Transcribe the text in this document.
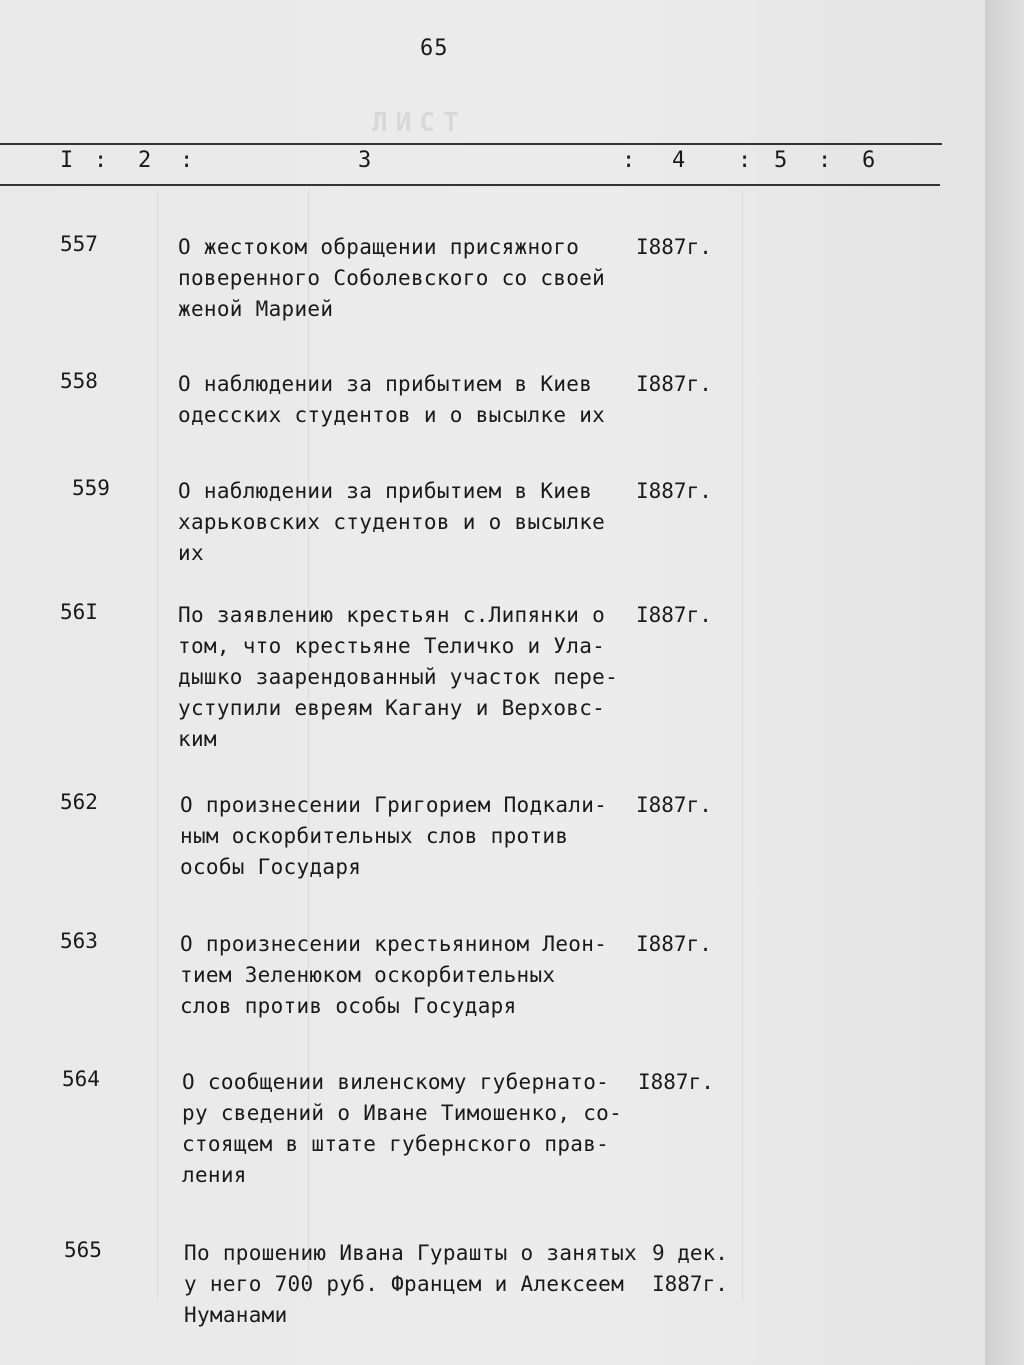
ЛИСТ
65
I : 2 :	3	: 4 : 5 : 6
557	О жестоком обращении присяжного
поверенного Соболевского со своей
женой Марией
I887г.
558	О наблюдении за прибытием в Киев
одесских студентов и о высылке их
I887г.
559	О наблюдении за прибытием в Киев
харьковских студентов и о высылке
их
I887г.
56I	По заявлению крестьян с.Липянки о
том, что крестьяне Теличко и Ула-
дышко заарендованный участок пере-
уступили евреям Кагану и Верховс-
ким
I887г.
562	О произнесении Григорием Подкали-
ным оскорбительных слов против
особы Государя
I887г.
563	О произнесении крестьянином Леон-
тием Зеленюком оскорбительных
слов против особы Государя
I887г.
564	О сообщении виленскому губернато-
ру сведений о Иване Тимошенко, со-
стоящем в штате губернского прав-
ления
I887г.
565	По прошению Ивана Гурашты о занятых
у него 700 руб. Францем и Алексеем
Нуманами
9 дек.
I887г.
